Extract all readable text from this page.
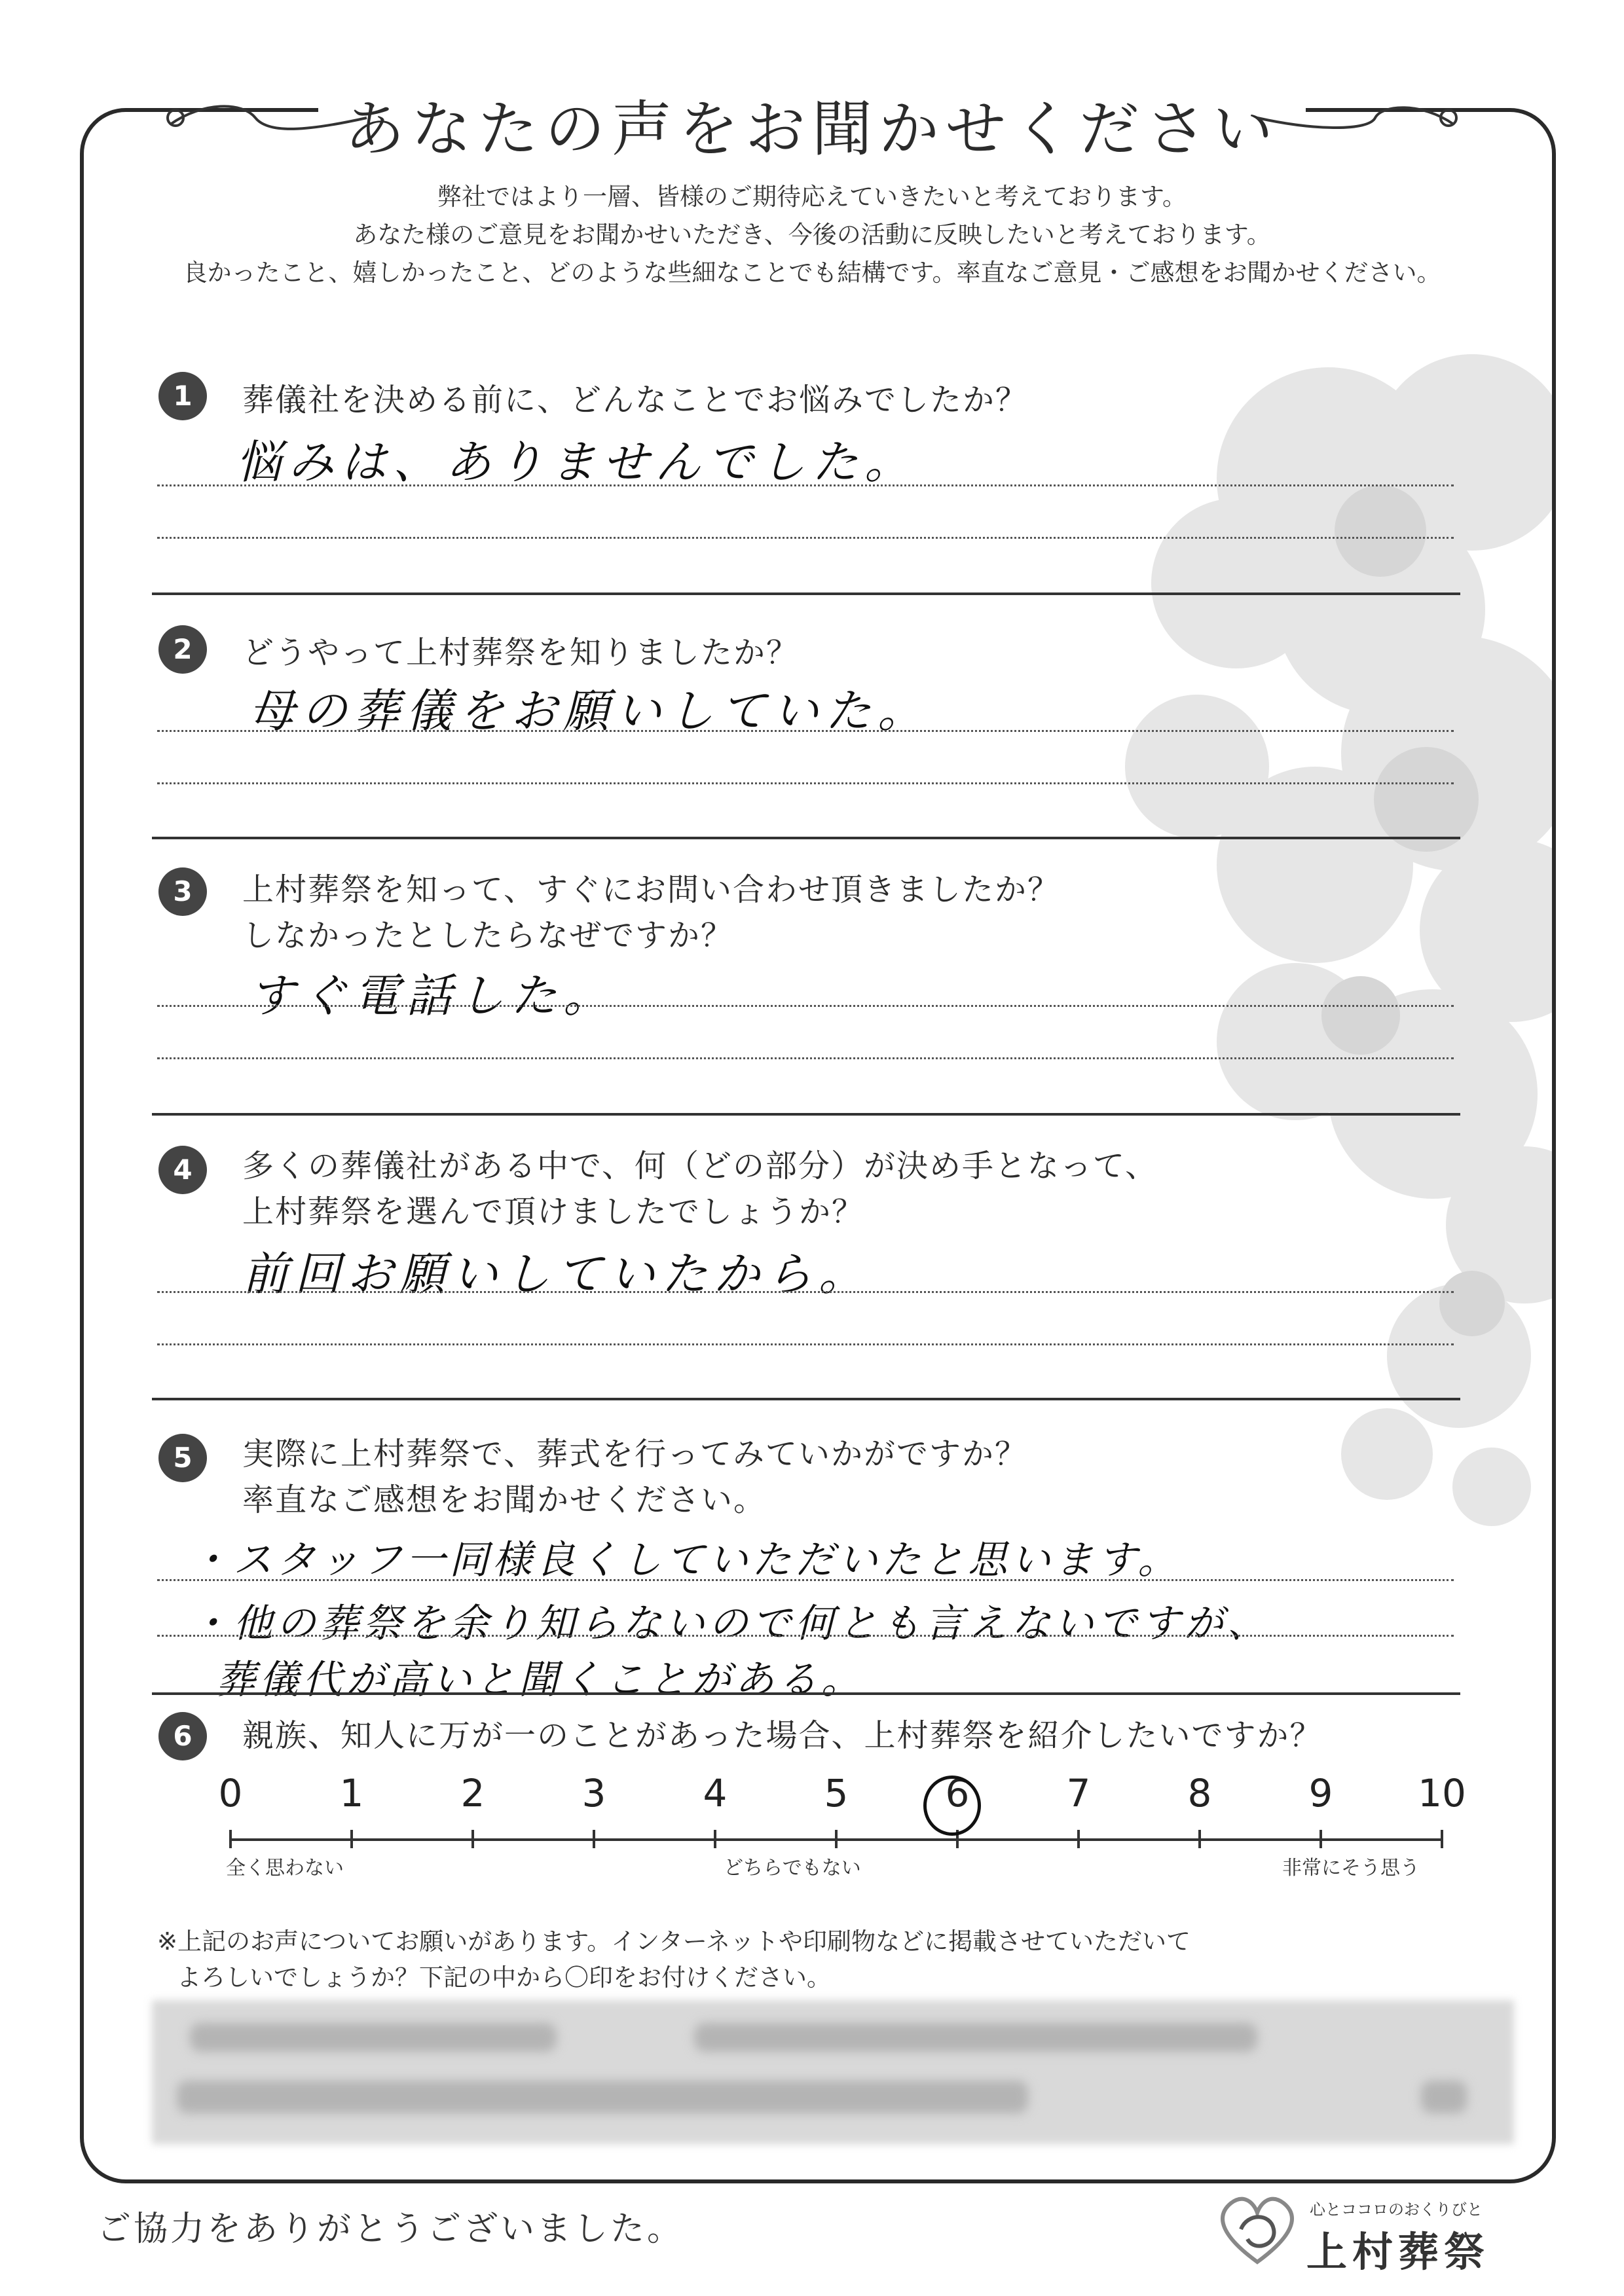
あなたの声をお聞かせください
弊社ではより一層、皆様のご期待応えていきたいと考えております。
あなた様のご意見をお聞かせいただき、今後の活動に反映したいと考えております。
良かったこと、嬉しかったこと、どのような些細なことでも結構です。率直なご意見・ご感想をお聞かせください。
1	葬儀社を決める前に、どんなことでお悩みでしたか？
悩みは、ありませんでした。
2	どうやって上村葬祭を知りましたか？
母の葬儀をお願いしていた。
3	上村葬祭を知って、すぐにお問い合わせ頂きましたか？
しなかったとしたらなぜですか？
すぐ電話した。
4	多くの葬儀社がある中で、何（どの部分）が決め手となって、
上村葬祭を選んで頂けましたでしょうか？
前回お願いしていたから。
5	実際に上村葬祭で、葬式を行ってみていかがですか？
率直なご感想をお聞かせください。
・スタッフ一同様良くしていただいたと思います。
・他の葬祭を余り知らないので何とも言えないですが、
葬儀代が高いと聞くことがある。
6	親族、知人に万が一のことがあった場合、上村葬祭を紹介したいですか？
0	1	2	3	4	5	6	7	8	9	10
全く思わない	どちらでもない	非常にそう思う
※上記のお声についてお願いがあります。インターネットや印刷物などに掲載させていただいて
よろしいでしょうか？下記の中から〇印をお付けください。
ご協力をありがとうございました。	心とココロのおくりびと
上村葬祭
